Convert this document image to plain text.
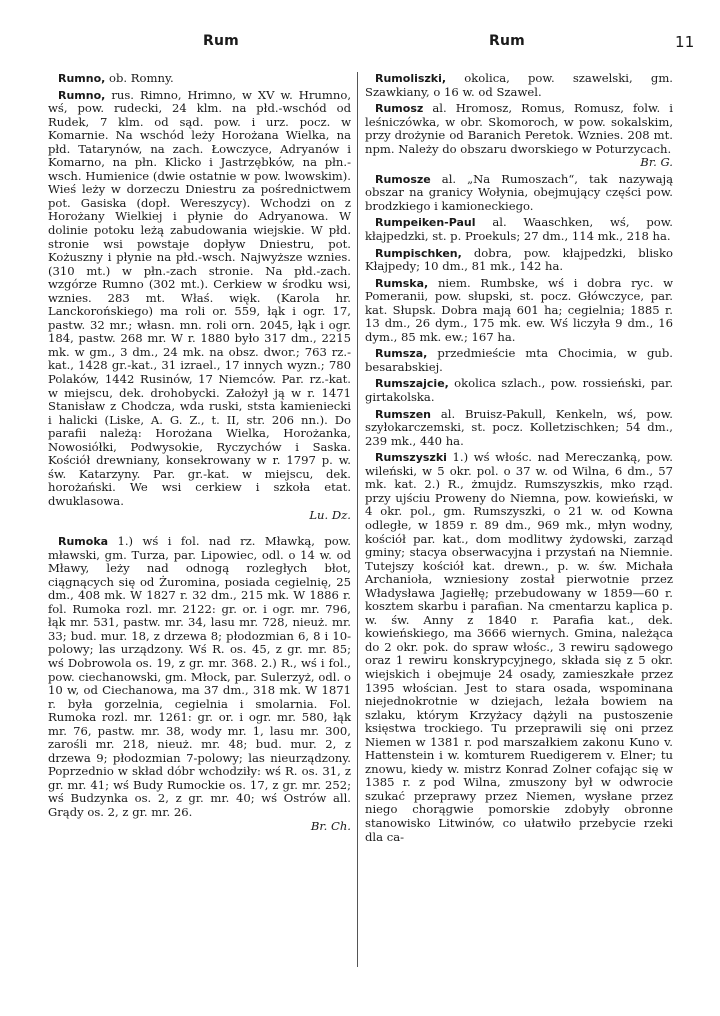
Rum	Rum	11

Rumno, ob. Romny.

Rumno, rus. Rimno, Hrimno, w XV w. Hrumno, wś, pow. rudecki, 24 klm. na płd.-wschód od Rudek, 7 klm. od sąd. pow. i urz. pocz. w Komarnie. Na wschód leży Horożana Wielka, na płd. Tatarynów, na zach. Łowczyce, Adryanów i Komarno, na płn. Klicko i Jastrzębków, na płn.-wsch. Humienice (dwie ostatnie w pow. lwowskim). Wieś leży w dorzeczu Dniestru za pośrednictwem pot. Gasiska (dopł. Wereszycy). Wchodzi on z Horożany Wielkiej i płynie do Adryanowa. W dolinie potoku leżą zabudowania wiejskie. W płd. stronie wsi powstaje dopływ Dniestru, pot. Kożuszny i płynie na płd.-wsch. Najwyższe wznies. (310 mt.) w płn.-zach stronie. Na płd.-zach. wzgórze Rumno (302 mt.). Cerkiew w środku wsi, wznies. 283 mt. Właś. więk. (Karola hr. Lanckorońskiego) ma roli or. 559, łąk i ogr. 17, pastw. 32 mr.; własn. mn. roli orn. 2045, łąk i ogr. 184, pastw. 268 mr. W r. 1880 było 317 dm., 2215 mk. w gm., 3 dm., 24 mk. na obsz. dwor.; 763 rz.-kat., 1428 gr.-kat., 31 izrael., 17 innych wyzn.; 780 Polaków, 1442 Rusinów, 17 Niemców. Par. rz.-kat. w miejscu, dek. drohobycki. Założył ją w r. 1471 Stanisław z Chodcza, wda ruski, ststa kamieniecki i halicki (Liske, A. G. Z., t. II, str. 206 nn.). Do parafii należą: Horożana Wielka, Horożanka, Nowosiółki, Podwysokie, Ryczychów i Saska. Kościół drewniany, konsekrowany w r. 1797 p. w. św. Katarzyny. Par. gr.-kat. w miejscu, dek. horożański. We wsi cerkiew i szkoła etat. dwuklasowa.
Lu. Dz.

Rumoka 1.) wś i fol. nad rz. Mławką, pow. mławski, gm. Turza, par. Lipowiec, odl. o 14 w. od Mławy, leży nad odnogą rozległych błot, ciągnących się od Żuromina, posiada cegielnię, 25 dm., 408 mk. W 1827 r. 32 dm., 215 mk. W 1886 r. fol. Rumoka rozl. mr. 2122: gr. or. i ogr. mr. 796, łąk mr. 531, pastw. mr. 34, lasu mr. 728, nieuż. mr. 33; bud. mur. 18, z drzewa 8; płodozmian 6, 8 i 10-polowy; las urządzony. Wś R. os. 45, z gr. mr. 85; wś Dobrowola os. 19, z gr. mr. 368. 2.) R., wś i fol., pow. ciechanowski, gm. Młock, par. Sulerzyż, odl. o 10 w, od Ciechanowa, ma 37 dm., 318 mk. W 1871 r. była gorzelnia, cegielnia i smolarnia. Fol. Rumoka rozl. mr. 1261: gr. or. i ogr. mr. 580, łąk mr. 76, pastw. mr. 38, wody mr. 1, lasu mr. 300, zarośli mr. 218, nieuż. mr. 48; bud. mur. 2, z drzewa 9; płodozmian 7-polowy; las nieurządzony. Poprzednio w skład dóbr wchodziły: wś R. os. 31, z gr. mr. 41; wś Budy Rumockie os. 17, z gr. mr. 252; wś Budzynka os. 2, z gr. mr. 40; wś Ostrów all. Grądy os. 2, z gr. mr. 26.
Br. Ch.

Rumoliszki, okolica, pow. szawelski, gm. Szawkiany, o 16 w. od Szawel.

Rumosz al. Hromosz, Romus, Romusz, folw. i leśniczówka, w obr. Skomoroch, w pow. sokalskim, przy drożynie od Baranich Peretok. Wznies. 208 mt. npm. Należy do obszaru dworskiego w Poturzycach.
Br. G.

Rumosze al. „Na Rumoszach“, tak nazywają obszar na granicy Wołynia, obejmujący części pow. brodzkiego i kamioneckiego.

Rumpeiken-Paul al. Waaschken, wś, pow. kłajpedzki, st. p. Proekuls; 27 dm., 114 mk., 218 ha.

Rumpischken, dobra, pow. kłajpedzki, blisko Kłajpedy; 10 dm., 81 mk., 142 ha.

Rumska, niem. Rumbske, wś i dobra ryc. w Pomeranii, pow. słupski, st. pocz. Główczyce, par. kat. Słupsk. Dobra mają 601 ha; cegielnia; 1885 r. 13 dm., 26 dym., 175 mk. ew. Wś liczyła 9 dm., 16 dym., 85 mk. ew.; 167 ha.

Rumsza, przedmieście mta Chocimia, w gub. besarabskiej.

Rumszajcie, okolica szlach., pow. rossieński, par. girtakolska.

Rumszen al. Bruisz-Pakull, Kenkeln, wś, pow. szyłokarczemski, st. pocz. Kolletzischken; 54 dm., 239 mk., 440 ha.

Rumszyszki 1.) wś włośc. nad Mereczanką, pow. wileński, w 5 okr. pol. o 37 w. od Wilna, 6 dm., 57 mk. kat. 2.) R., żmujdz. Rumszyszkis, mko rząd. przy ujściu Proweny do Niemna, pow. kowieński, w 4 okr. pol., gm. Rumszyszki, o 21 w. od Kowna odległe, w 1859 r. 89 dm., 969 mk., młyn wodny, kościół par. kat., dom modlitwy żydowski, zarząd gminy; stacya obserwacyjna i przystań na Niemnie. Tutejszy kościół kat. drewn., p. w. św. Michała Archanioła, wzniesiony został pierwotnie przez Władysława Jagiełłę; przebudowany w 1859—60 r. kosztem skarbu i parafian. Na cmentarzu kaplica p. w. św. Anny z 1840 r. Parafia kat., dek. kowieńskiego, ma 3666 wiernych. Gmina, należąca do 2 okr. pok. do spraw włośc., 3 rewiru sądowego oraz 1 rewiru konskrypcyjnego, składa się z 5 okr. wiejskich i obejmuje 24 osady, zamieszkałe przez 1395 włościan. Jest to stara osada, wspominana niejednokrotnie w dziejach, leżała bowiem na szlaku, którym Krzyżacy dążyli na pustoszenie księstwa trockiego. Tu przeprawili się oni przez Niemen w 1381 r. pod marszałkiem zakonu Kuno v. Hattenstein i w. komturem Ruedigerem v. Elner; tu znowu, kiedy w. mistrz Konrad Zolner cofając się w 1385 r. z pod Wilna, zmuszony był w odwrocie szukać przeprawy przez Niemen, wysłane przez niego chorągwie pomorskie zdobyły obronne stanowisko Litwinów, co ułatwiło przebycie rzeki dla ca-
